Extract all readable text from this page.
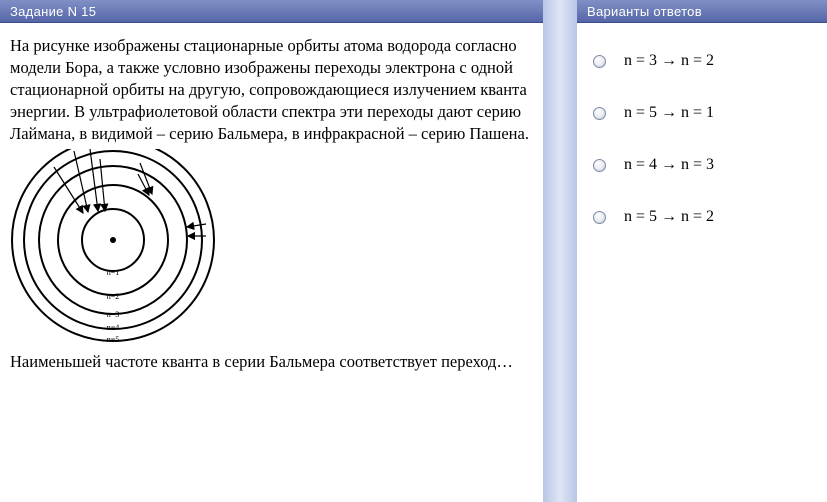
Задание N 15	Варианты ответов

На рисунке изображены стационарные орбиты атома водорода согласно модели Бора, а также условно изображены переходы электрона с одной стационарной орбиты на другую, сопровождающиеся излучением кванта энергии. В ультрафиолетовой области спектра эти переходы дают серию Лаймана, в видимой – серию Бальмера, в инфракрасной – серию Пашена.

n=1
n=2
n=3
n=4
n=5

Наименьшей частоте кванта в серии Бальмера соответствует переход…

n = 3 → n = 2
n = 5 → n = 1
n = 4 → n = 3
n = 5 → n = 2
